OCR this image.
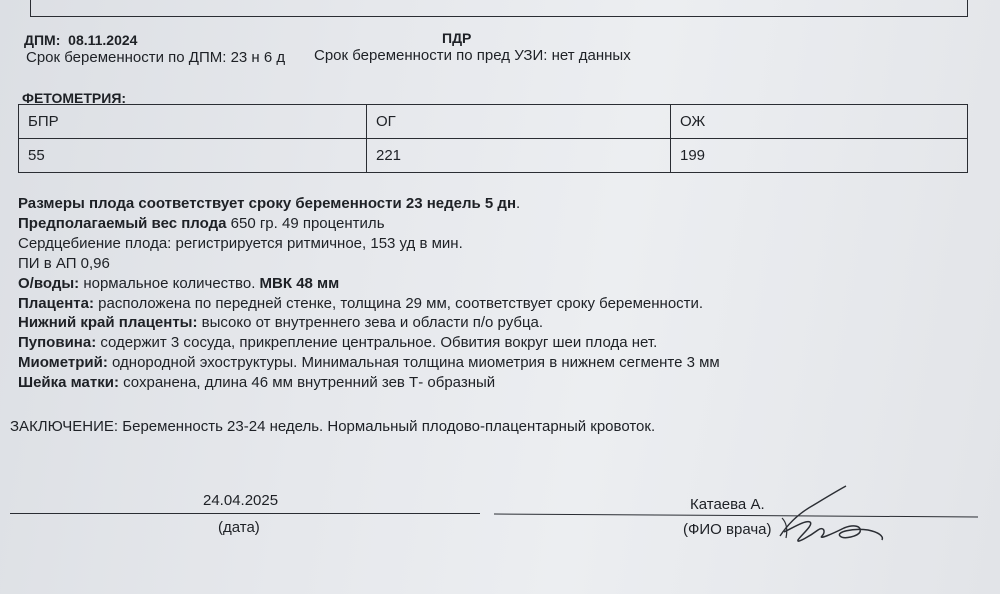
ДПМ: 08.11.2024	ПДР
Срок беременности по ДПМ: 23 н 6 д Срок беременности по пред УЗИ: нет данных
ФЕТОМЕТРИЯ:
БПР	ОГ	ОЖ
55	221	199
Размеры плода соответствует сроку беременности 23 недель 5 дн.
Предполагаемый вес плода 650 гр. 49 процентиль
Сердцебиение плода: регистрируется ритмичное, 153 уд в мин.
ПИ в АП 0,96
О/воды: нормальное количество. МВК 48 мм
Плацента: расположена по передней стенке, толщина 29 мм, соответствует сроку беременности.
Нижний край плаценты: высоко от внутреннего зева и области п/о рубца.
Пуповина: содержит 3 сосуда, прикрепление центральное. Обвития вокруг шеи плода нет.
Миометрий: однородной эхоструктуры. Минимальная толщина миометрия в нижнем сегменте 3 мм
Шейка матки: сохранена, длина 46 мм внутренний зев Т- образный
ЗАКЛЮЧЕНИЕ: Беременность 23-24 недель. Нормальный плодово-плацентарный кровоток.
24.04.2025
(дата)
Катаева А.
(ФИО врача)
